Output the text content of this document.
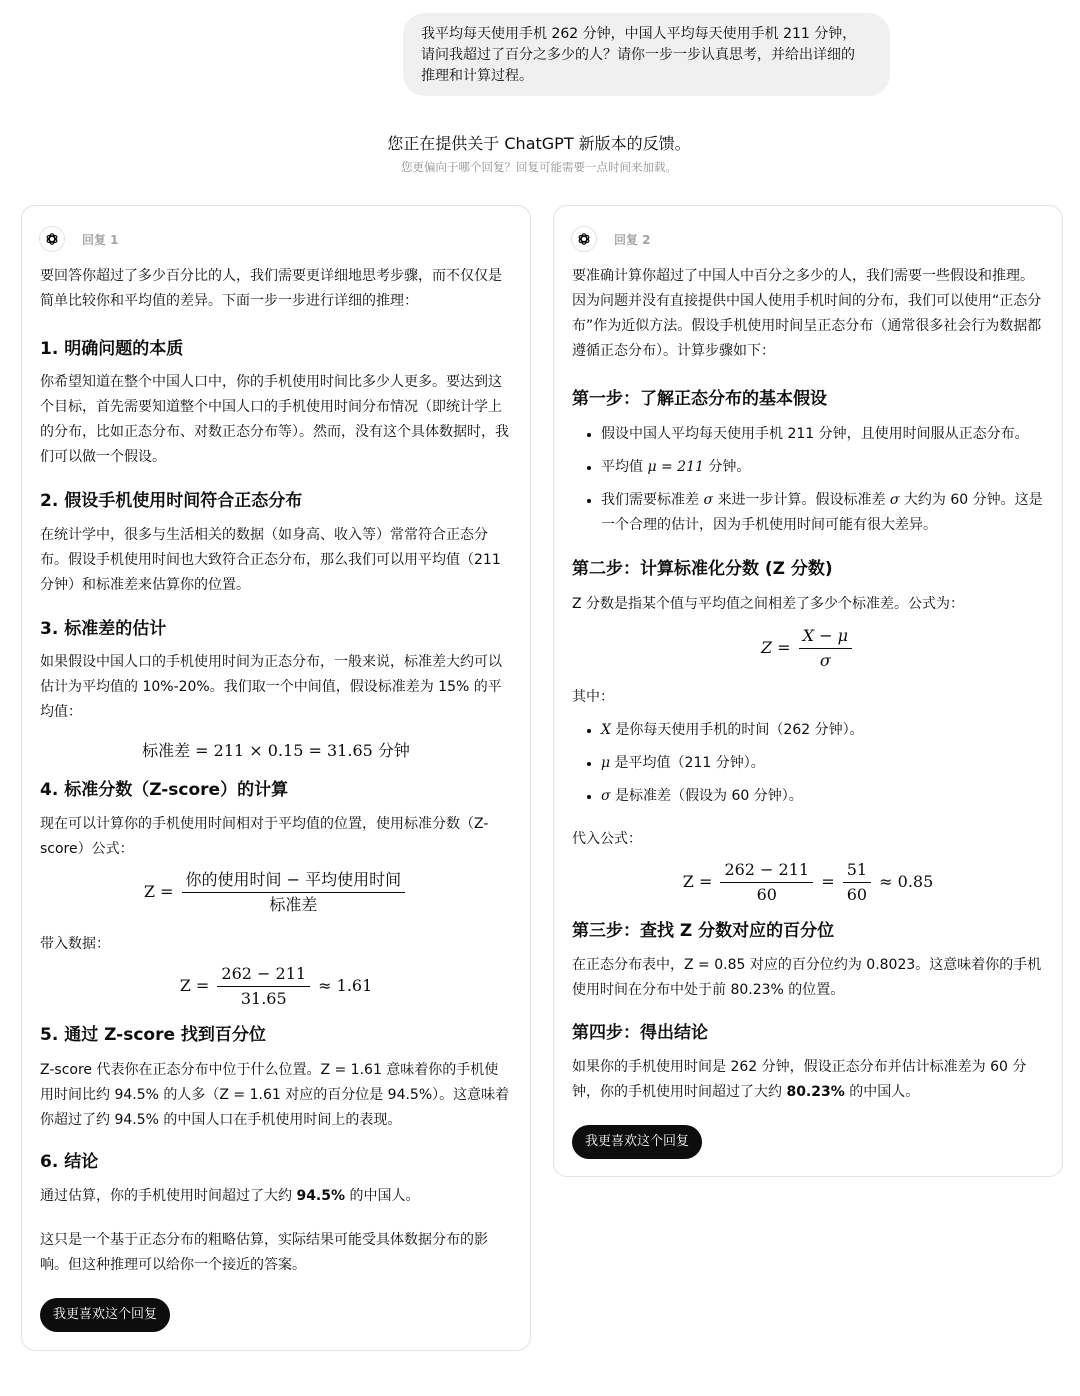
我平均每天使用手机 262 分钟，中国人平均每天使用手机 211 分钟，
请问我超过了百分之多少的人？请你一步一步认真思考，并给出详细的
推理和计算过程。
您正在提供关于 ChatGPT 新版本的反馈。
您更偏向于哪个回复？回复可能需要一点时间来加载。
回复 1

要回答你超过了多少百分比的人，我们需要更详细地思考步骤，而不仅仅是简单比较你和平均值的差异。下面一步一步进行详细的推理：

1. 明确问题的本质

你希望知道在整个中国人口中，你的手机使用时间比多少人更多。要达到这个目标，首先需要知道整个中国人口的手机使用时间分布情况（即统计学上的分布，比如正态分布、对数正态分布等）。然而，没有这个具体数据时，我们可以做一个假设。

2. 假设手机使用时间符合正态分布

在统计学中，很多与生活相关的数据（如身高、收入等）常常符合正态分布。假设手机使用时间也大致符合正态分布，那么我们可以用平均值（211分钟）和标准差来估算你的位置。

3. 标准差的估计

如果假设中国人口的手机使用时间为正态分布，一般来说，标准差大约可以估计为平均值的 10%-20%。我们取一个中间值，假设标准差为 15% 的平均值：

标准差 = 211 × 0.15 = 31.65 分钟
4. 标准分数（Z-score）的计算

现在可以计算你的手机使用时间相对于平均值的位置，使用标准分数（Z-score）公式：

$Z = \frac{\text{你的使用时间 − 平均使用时间}}{\text{标准差}}$

带入数据：

$Z = \frac{262 - 211}{31.65} \approx 1.61$
5. 通过 Z-score 找到百分位

Z-score 代表你在正态分布中位于什么位置。Z = 1.61 意味着你的手机使用时间比约 94.5% 的人多（Z = 1.61 对应的百分位是 94.5%）。这意味着你超过了约 94.5% 的中国人口在手机使用时间上的表现。

6. 结论

通过估算，你的手机使用时间超过了大约 94.5% 的中国人。

这只是一个基于正态分布的粗略估算，实际结果可能受具体数据分布的影响。但这种推理可以给你一个接近的答案。

我更喜欢这个回复
回复 2

要准确计算你超过了中国人中百分之多少的人，我们需要一些假设和推理。因为问题并没有直接提供中国人使用手机时间的分布，我们可以使用“正态分布”作为近似方法。假设手机使用时间呈正态分布（通常很多社会行为数据都遵循正态分布）。计算步骤如下：

第一步：了解正态分布的基本假设
• 假设中国人平均每天使用手机 211 分钟，且使用时间服从正态分布。
• 平均值 μ = 211 分钟。
• 我们需要标准差 σ 来进一步计算。假设标准差 σ 大约为 60 分钟。这是一个合理的估计，因为手机使用时间可能有很大差异。
第二步：计算标准化分数 (Z 分数)

Z 分数是指某个值与平均值之间相差了多少个标准差。公式为：

$Z = \frac{X - \mu}{\sigma}$

其中：

• X 是你每天使用手机的时间（262 分钟）。
• μ 是平均值（211 分钟）。
• σ 是标准差（假设为 60 分钟）。

代入公式：

$Z = \frac{262 - 211}{60} = \frac{51}{60} \approx 0.85$
第三步：查找 Z 分数对应的百分位

在正态分布表中，Z = 0.85 对应的百分位约为 0.8023。这意味着你的手机使用时间在分布中处于前 80.23% 的位置。

第四步：得出结论

如果你的手机使用时间是 262 分钟，假设正态分布并估计标准差为 60 分钟，你的手机使用时间超过了大约 80.23% 的中国人。

我更喜欢这个回复
